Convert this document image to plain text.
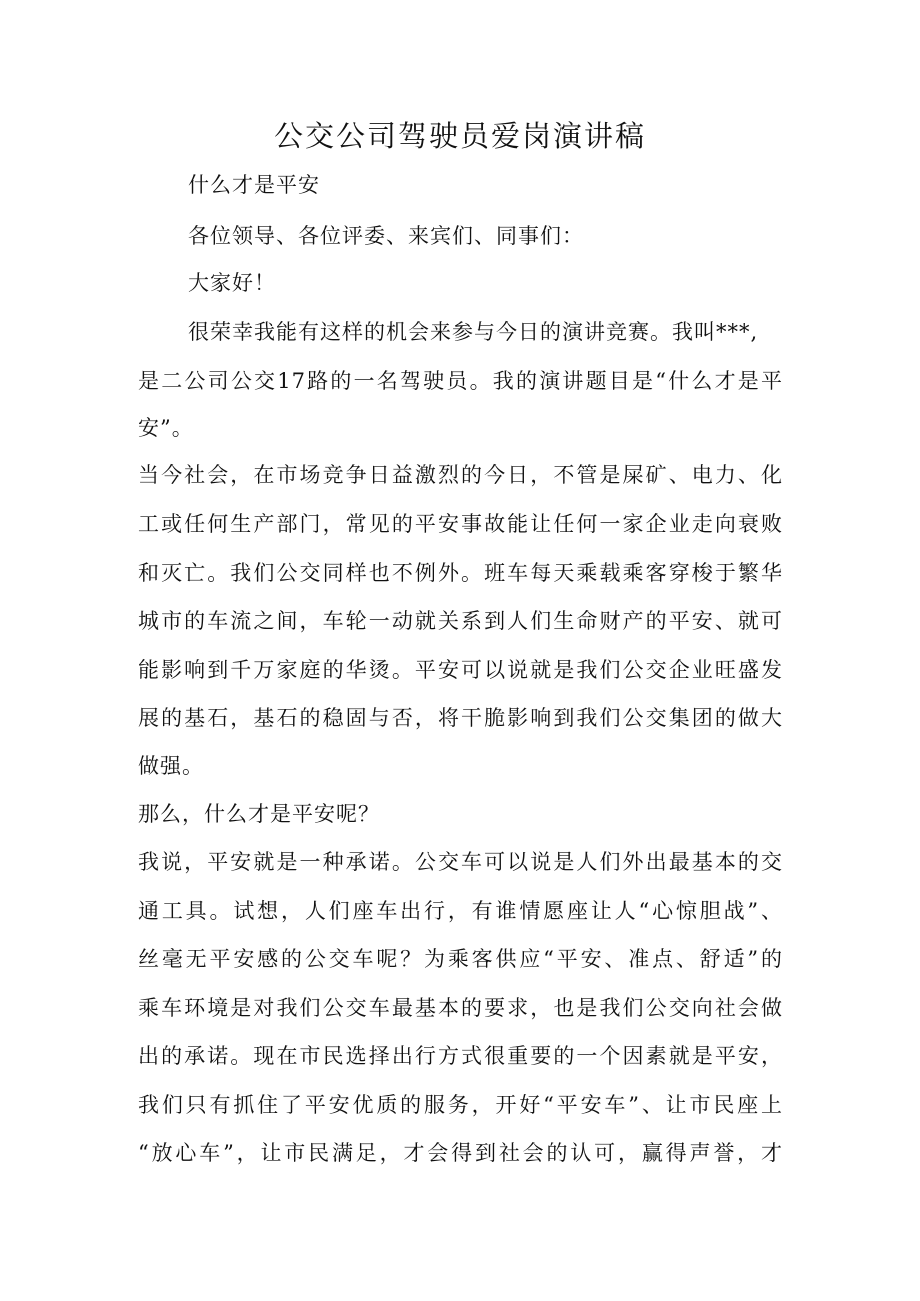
公交公司驾驶员爱岗演讲稿
什么才是平安
各位领导、各位评委、来宾们、同事们：
大家好！
很荣幸我能有这样的机会来参与今日的演讲竞赛。我叫***,
是二公司公交17路的一名驾驶员。我的演讲题目是“什么才是平
安”。
当今社会，在市场竞争日益激烈的今日，不管是屎矿、电力、化
工或任何生产部门，常见的平安事故能让任何一家企业走向衰败
和灭亡。我们公交同样也不例外。班车每天乘载乘客穿梭于繁华
城市的车流之间，车轮一动就关系到人们生命财产的平安、就可
能影响到千万家庭的华烫。平安可以说就是我们公交企业旺盛发
展的基石，基石的稳固与否，将干脆影响到我们公交集团的做大
做强。
那么，什么才是平安呢？
我说，平安就是一种承诺。公交车可以说是人们外出最基本的交
通工具。试想，人们座车出行，有谁情愿座让人“心惊胆战”、
丝毫无平安感的公交车呢？为乘客供应“平安、准点、舒适”的
乘车环境是对我们公交车最基本的要求，也是我们公交向社会做
出的承诺。现在市民选择出行方式很重要的一个因素就是平安，
我们只有抓住了平安优质的服务，开好“平安车”、让市民座上
“放心车”，让市民满足，才会得到社会的认可，赢得声誉，才
